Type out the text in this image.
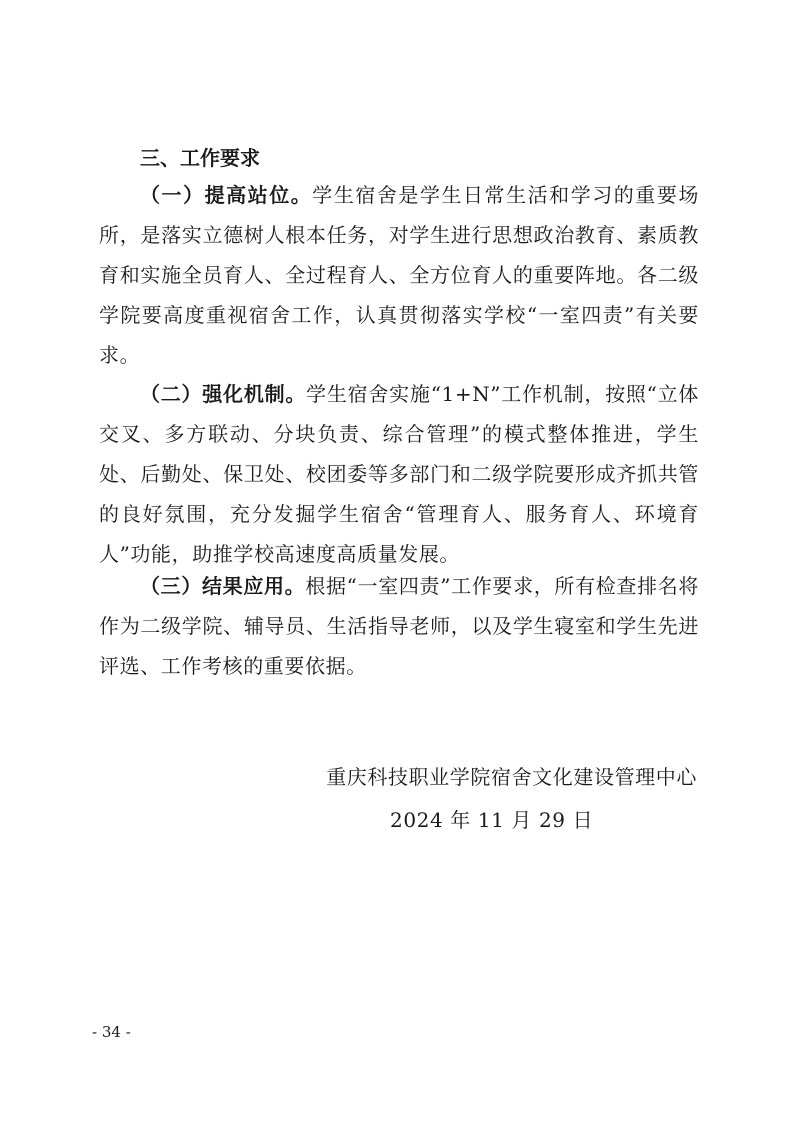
三、工作要求

（一）提高站位。学生宿舍是学生日常生活和学习的重要场所，是落实立德树人根本任务，对学生进行思想政治教育、素质教育和实施全员育人、全过程育人、全方位育人的重要阵地。各二级学院要高度重视宿舍工作，认真贯彻落实学校“一室四责”有关要求。

（二）强化机制。学生宿舍实施“1+N”工作机制，按照“立体交叉、多方联动、分块负责、综合管理”的模式整体推进，学生处、后勤处、保卫处、校团委等多部门和二级学院要形成齐抓共管的良好氛围，充分发掘学生宿舍“管理育人、服务育人、环境育人”功能，助推学校高速度高质量发展。

（三）结果应用。根据“一室四责”工作要求，所有检查排名将作为二级学院、辅导员、生活指导老师，以及学生寝室和学生先进评选、工作考核的重要依据。

重庆科技职业学院宿舍文化建设管理中心
2024 年 11 月 29 日
- 34 -
